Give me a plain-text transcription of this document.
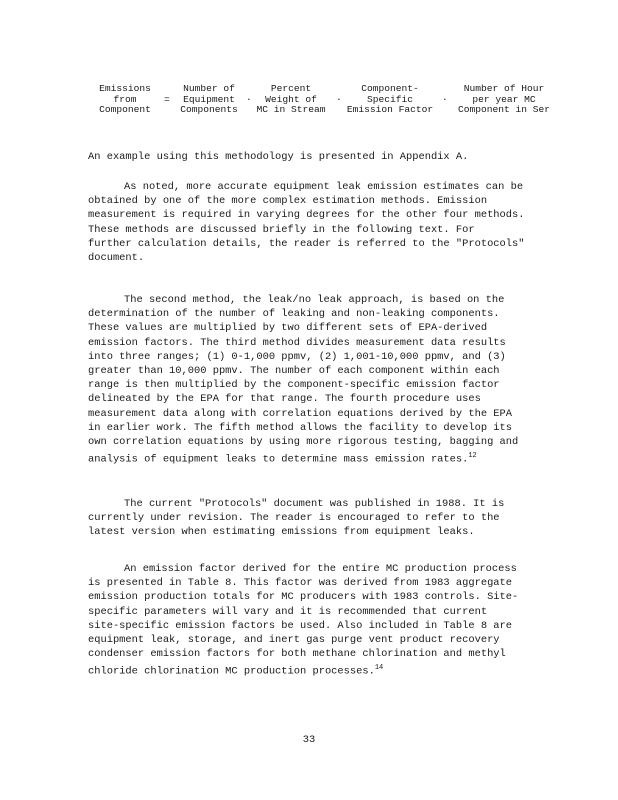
Emissions
from
Component
=
Number of
Equipment
Components
·
Percent
Weight of
MC in Stream
·
Component-
Specific
Emission Factor
·
Number of Hour
per year MC
Component in Ser

An example using this methodology is presented in Appendix A.

As noted, more accurate equipment leak emission estimates can be
obtained by one of the more complex estimation methods. Emission
measurement is required in varying degrees for the other four methods.
These methods are discussed briefly in the following text. For
further calculation details, the reader is referred to the "Protocols"
document.

The second method, the leak/no leak approach, is based on the
determination of the number of leaking and non-leaking components.
These values are multiplied by two different sets of EPA-derived
emission factors. The third method divides measurement data results
into three ranges; (1) 0-1,000 ppmv, (2) 1,001-10,000 ppmv, and (3)
greater than 10,000 ppmv. The number of each component within each
range is then multiplied by the component-specific emission factor
delineated by the EPA for that range. The fourth procedure uses
measurement data along with correlation equations derived by the EPA
in earlier work. The fifth method allows the facility to develop its
own correlation equations by using more rigorous testing, bagging and
analysis of equipment leaks to determine mass emission rates.$^{12}$

The current "Protocols" document was published in 1988. It is
currently under revision. The reader is encouraged to refer to the
latest version when estimating emissions from equipment leaks.

An emission factor derived for the entire MC production process
is presented in Table 8. This factor was derived from 1983 aggregate
emission production totals for MC producers with 1983 controls. Site-
specific parameters will vary and it is recommended that current
site-specific emission factors be used. Also included in Table 8 are
equipment leak, storage, and inert gas purge vent product recovery
condenser emission factors for both methane chlorination and methyl
chloride chlorination MC production processes.$^{14}$

33
